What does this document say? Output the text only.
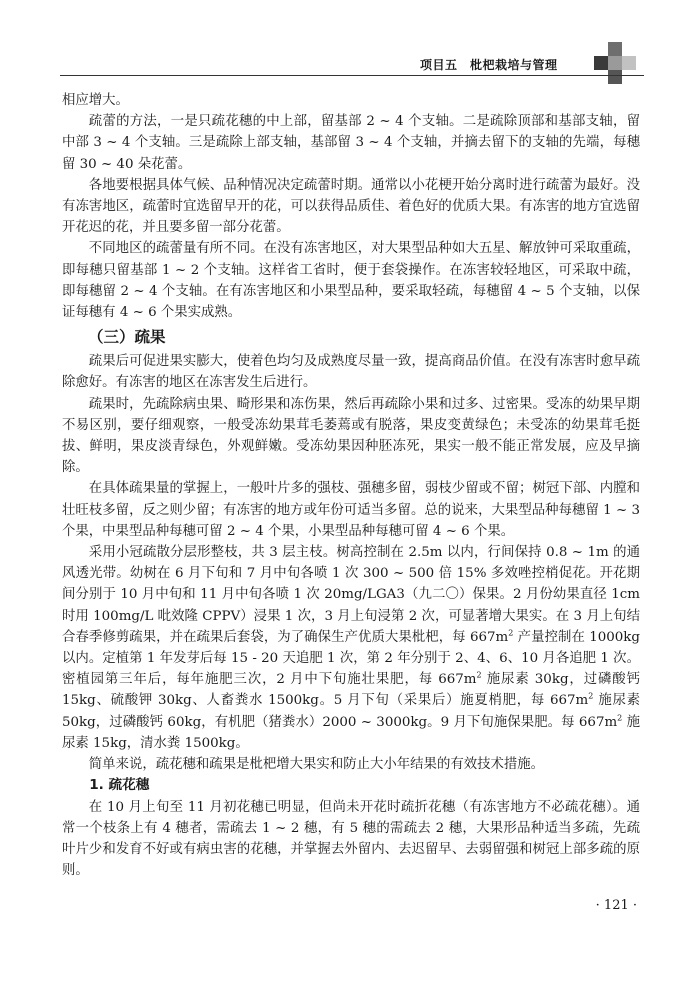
项目五　枇杷栽培与管理

相应增大。

疏蕾的方法，一是只疏花穗的中上部，留基部 2 ~ 4 个支轴。二是疏除顶部和基部支轴，留中部 3 ~ 4 个支轴。三是疏除上部支轴，基部留 3 ~ 4 个支轴，并摘去留下的支轴的先端，每穗留 30 ~ 40 朵花蕾。

各地要根据具体气候、品种情况决定疏蕾时期。通常以小花梗开始分离时进行疏蕾为最好。没有冻害地区，疏蕾时宜选留早开的花，可以获得品质佳、着色好的优质大果。有冻害的地方宜选留开花迟的花，并且要多留一部分花蕾。

不同地区的疏蕾量有所不同。在没有冻害地区，对大果型品种如大五星、解放钟可采取重疏，即每穗只留基部 1 ~ 2 个支轴。这样省工省时，便于套袋操作。在冻害较轻地区，可采取中疏，即每穗留 2 ~ 4 个支轴。在有冻害地区和小果型品种，要采取轻疏，每穗留 4 ~ 5 个支轴，以保证每穗有 4 ~ 6 个果实成熟。

（三）疏果

疏果后可促进果实膨大，使着色均匀及成熟度尽量一致，提高商品价值。在没有冻害时愈早疏除愈好。有冻害的地区在冻害发生后进行。

疏果时，先疏除病虫果、畸形果和冻伤果，然后再疏除小果和过多、过密果。受冻的幼果早期不易区别，要仔细观察，一般受冻幼果茸毛萎蔫或有脱落，果皮变黄绿色；未受冻的幼果茸毛挺拔、鲜明，果皮淡青绿色，外观鲜嫩。受冻幼果因种胚冻死，果实一般不能正常发展，应及早摘除。

在具体疏果量的掌握上，一般叶片多的强枝、强穗多留，弱枝少留或不留；树冠下部、内膛和壮旺枝多留，反之则少留；有冻害的地方或年份可适当多留。总的说来，大果型品种每穗留 1 ~ 3 个果，中果型品种每穗可留 2 ~ 4 个果，小果型品种每穗可留 4 ~ 6 个果。

采用小冠疏散分层形整枝，共 3 层主枝。树高控制在 2.5m 以内，行间保持 0.8 ~ 1m 的通风透光带。幼树在 6 月下旬和 7 月中旬各喷 1 次 300 ~ 500 倍 15% 多效唑控梢促花。开花期间分别于 10 月中旬和 11 月中旬各喷 1 次 20mg/LGA3（九二〇）保果。2 月份幼果直径 1cm 时用 100mg/L 吡效隆 CPPV）浸果 1 次，3 月上旬浸第 2 次，可显著增大果实。在 3 月上旬结合春季修剪疏果，并在疏果后套袋，为了确保生产优质大果枇杷，每 $667m^2$ 产量控制在 1000kg 以内。定植第 1 年发芽后每 15 - 20 天追肥 1 次，第 2 年分别于 2、4、6、10 月各追肥 1 次。密植园第三年后，每年施肥三次，2 月中下旬施壮果肥，每 $667m^2$ 施尿素 30kg，过磷酸钙 15kg、硫酸钾 30kg、人畜粪水 1500kg。5 月下旬（采果后）施夏梢肥，每 $667m^2$ 施尿素 50kg，过磷酸钙 60kg，有机肥（猪粪水）2000 ~ 3000kg。9 月下旬施保果肥。每 $667m^2$ 施尿素 15kg，清水粪 1500kg。

简单来说，疏花穗和疏果是枇杷增大果实和防止大小年结果的有效技术措施。

1. 疏花穗

在 10 月上旬至 11 月初花穗已明显，但尚未开花时疏折花穗（有冻害地方不必疏花穗）。通常一个枝条上有 4 穗者，需疏去 1 ~ 2 穗，有 5 穗的需疏去 2 穗，大果形品种适当多疏，先疏叶片少和发育不好或有病虫害的花穗，并掌握去外留内、去迟留早、去弱留强和树冠上部多疏的原则。

· 121 ·
